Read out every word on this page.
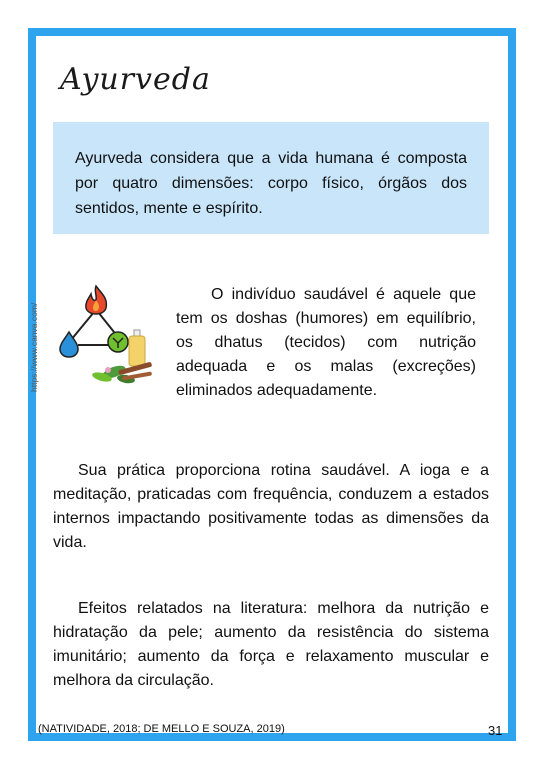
Ayurveda

Ayurveda considera que a vida humana é composta por quatro dimensões: corpo físico, órgãos dos sentidos, mente e espírito.

https://www.canva.com/

O indivíduo saudável é aquele que tem os doshas (humores) em equilíbrio, os dhatus (tecidos) com nutrição adequada e os malas (excreções) eliminados adequadamente.

Sua prática proporciona rotina saudável. A ioga e a meditação, praticadas com frequência, conduzem a estados internos impactando positivamente todas as dimensões da vida.

Efeitos relatados na literatura: melhora da nutrição e hidratação da pele; aumento da resistência do sistema imunitário; aumento da força e relaxamento muscular e melhora da circulação.

(NATIVIDADE, 2018; DE MELLO E SOUZA, 2019)	31
